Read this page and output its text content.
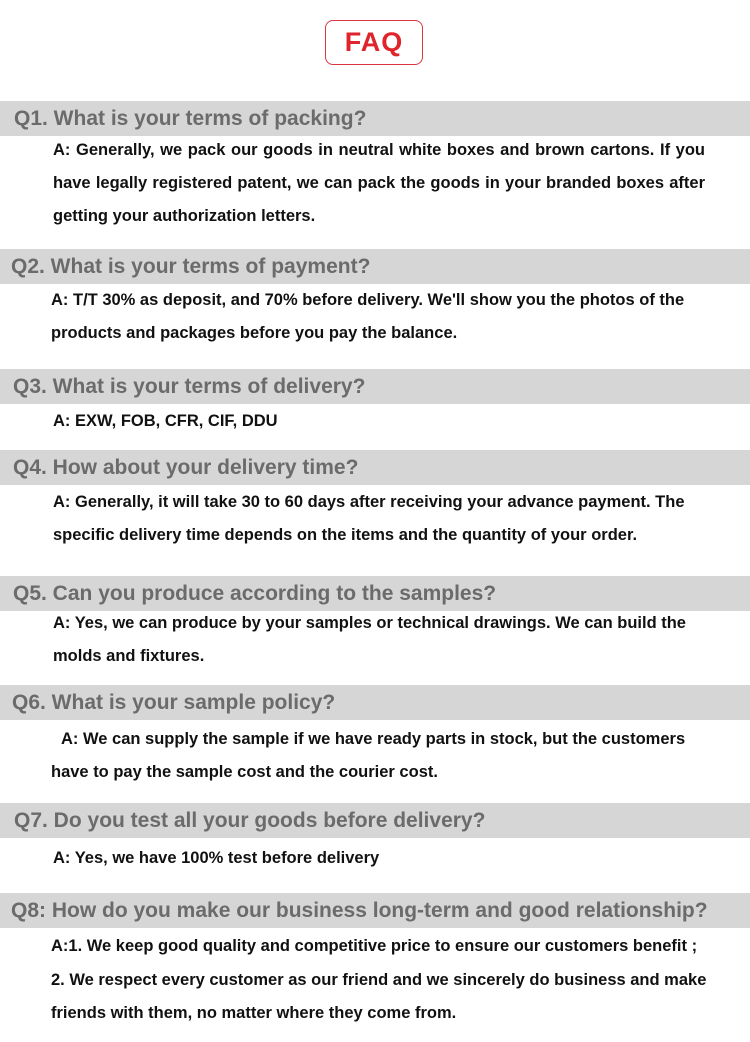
FAQ
Q1. What is your terms of packing?
A: Generally, we pack our goods in neutral white boxes and brown cartons. If you have legally registered patent, we can pack the goods in your branded boxes after getting your authorization letters.
Q2. What is your terms of payment?
A: T/T 30% as deposit, and 70% before delivery. We'll show you the photos of the products and packages before you pay the balance.
Q3. What is your terms of delivery?
A: EXW, FOB, CFR, CIF, DDU
Q4. How about your delivery time?
A: Generally, it will take 30 to 60 days after receiving your advance payment. The specific delivery time depends on the items and the quantity of your order.
Q5. Can you produce according to the samples?
A: Yes, we can produce by your samples or technical drawings. We can build the molds and fixtures.
Q6. What is your sample policy?
A: We can supply the sample if we have ready parts in stock, but the customers have to pay the sample cost and the courier cost.
Q7. Do you test all your goods before delivery?
A: Yes, we have 100% test before delivery
Q8: How do you make our business long-term and good relationship?
A:1. We keep good quality and competitive price to ensure our customers benefit ;
2. We respect every customer as our friend and we sincerely do business and make friends with them, no matter where they come from.
